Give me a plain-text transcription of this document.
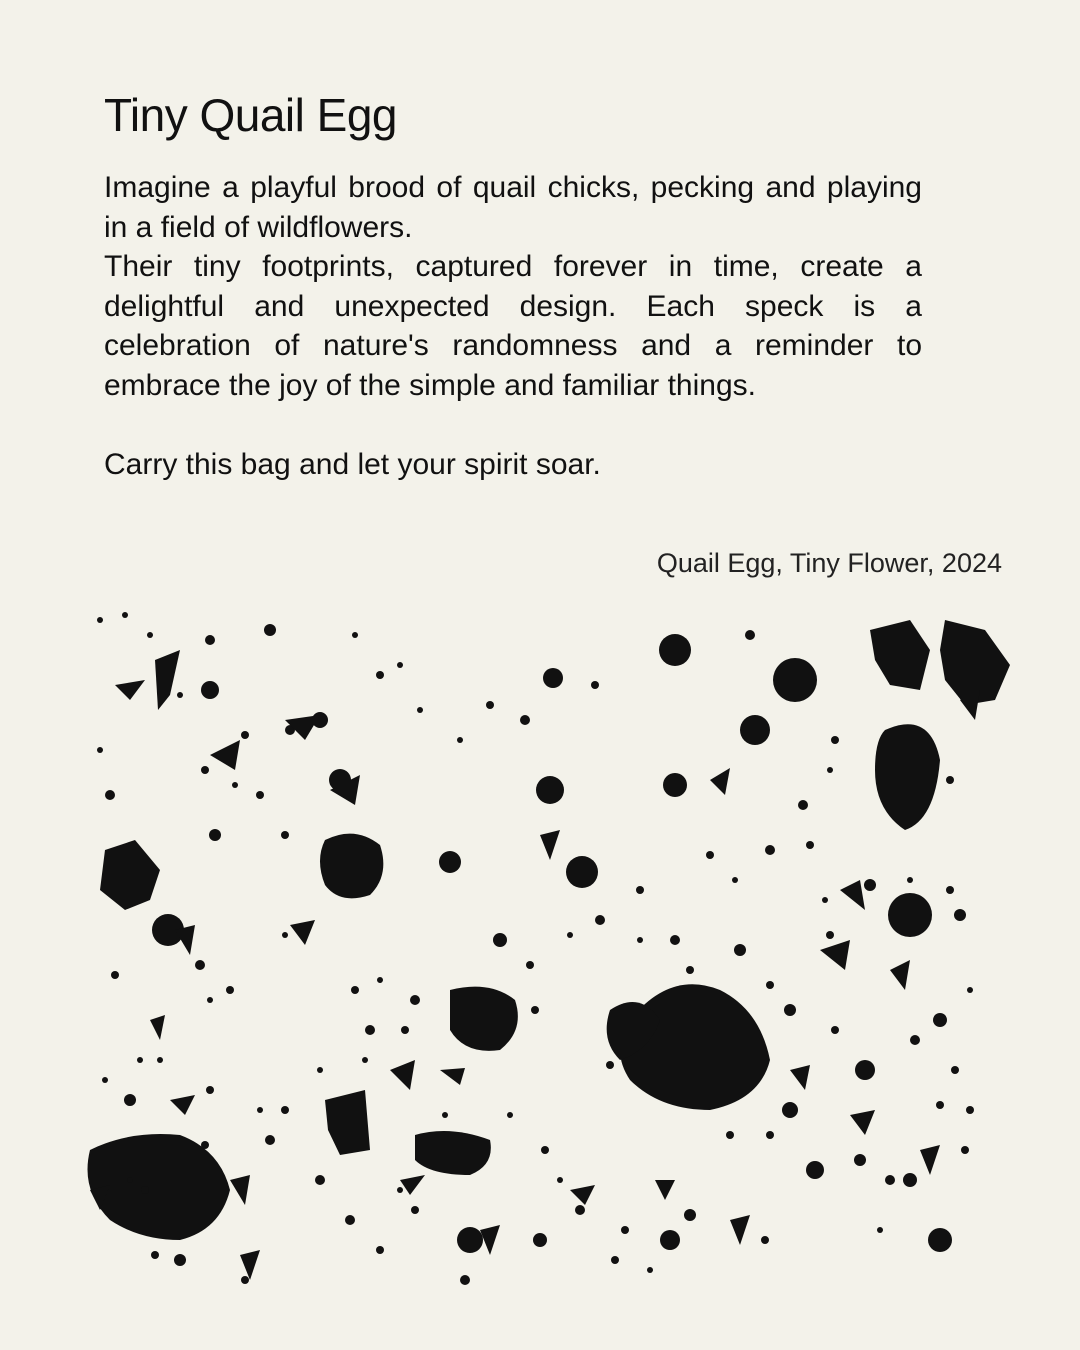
Tiny Quail Egg

Imagine a playful brood of quail chicks, pecking and playing in a field of wildflowers.

Their tiny footprints, captured forever in time, create a delightful and unexpected design. Each speck is a celebration of nature's randomness and a reminder to embrace the joy of the simple and familiar things.

Carry this bag and let your spirit soar.

Quail Egg, Tiny Flower, 2024
